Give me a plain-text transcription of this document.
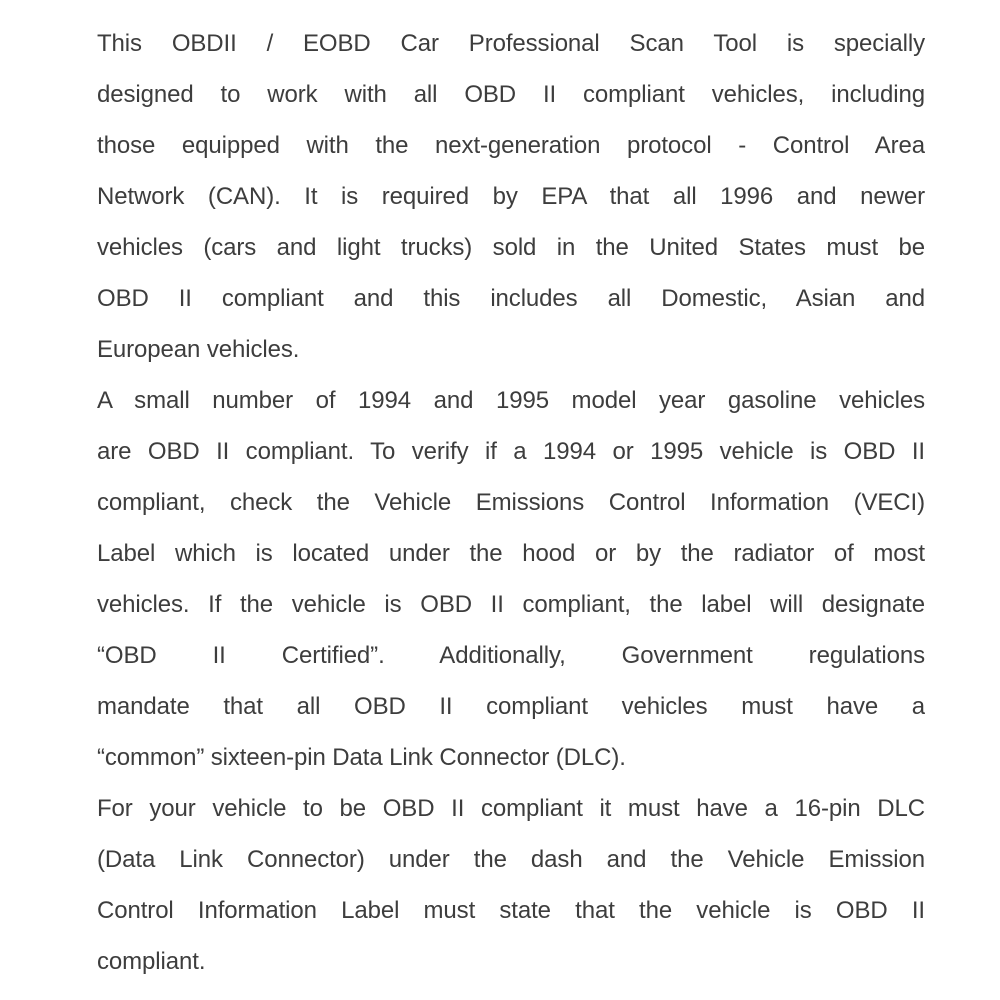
This OBDII / EOBD Car Professional Scan Tool is specially
designed to work with all OBD II compliant vehicles, including
those equipped with the next-generation protocol - Control Area
Network (CAN). It is required by EPA that all 1996 and newer
vehicles (cars and light trucks) sold in the United States must be
OBD II compliant and this includes all Domestic, Asian and
European vehicles.
A small number of 1994 and 1995 model year gasoline vehicles
are OBD II compliant. To verify if a 1994 or 1995 vehicle is OBD II
compliant, check the Vehicle Emissions Control Information (VECI)
Label which is located under the hood or by the radiator of most
vehicles. If the vehicle is OBD II compliant, the label will designate
“OBD II Certified”. Additionally, Government regulations
mandate that all OBD II compliant vehicles must have a
“common” sixteen-pin Data Link Connector (DLC).
For your vehicle to be OBD II compliant it must have a 16-pin DLC
(Data Link Connector) under the dash and the Vehicle Emission
Control Information Label must state that the vehicle is OBD II
compliant.
